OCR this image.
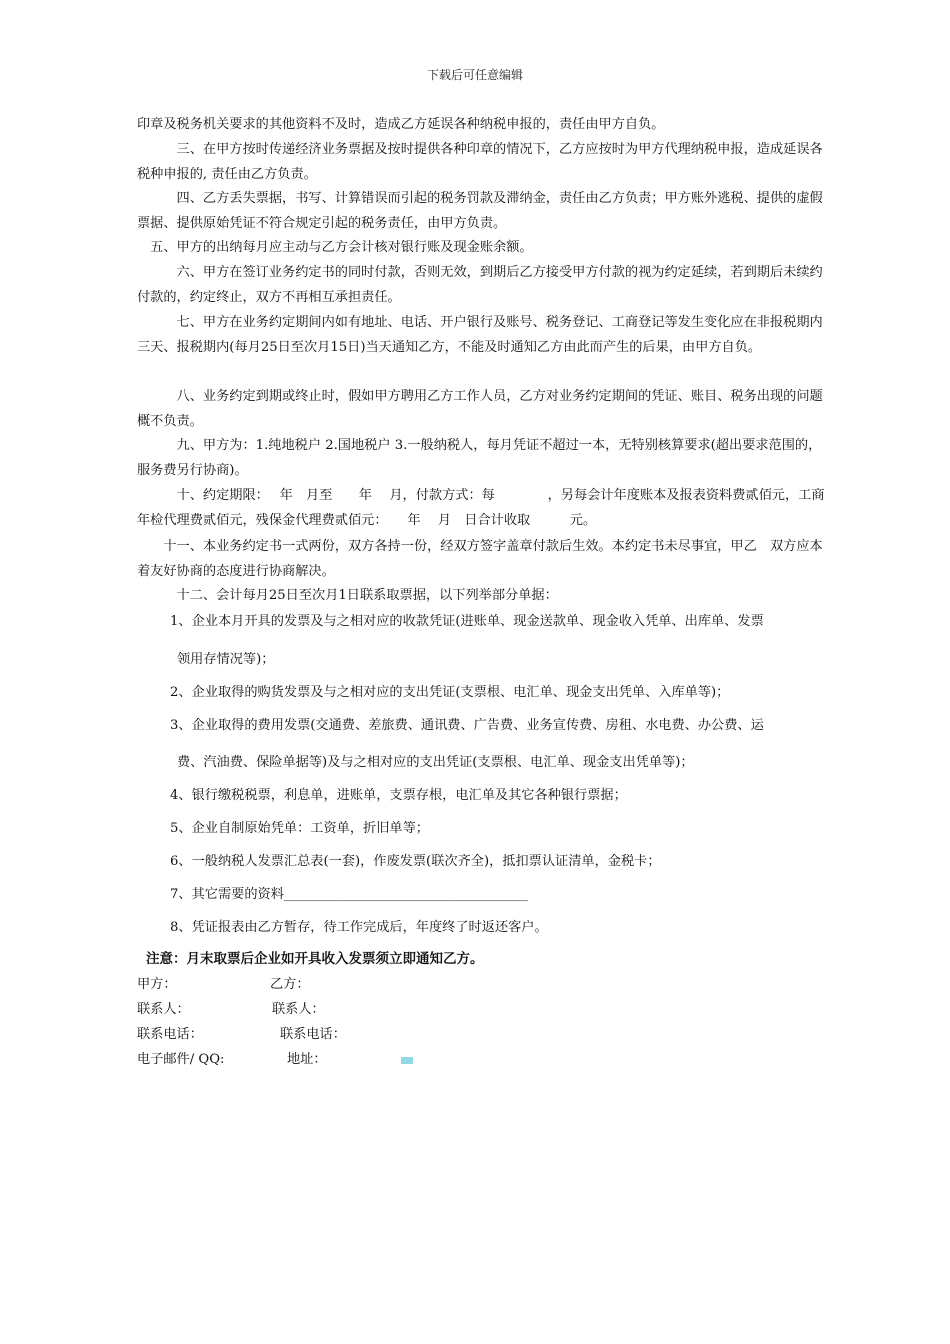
下载后可任意编辑
印章及税务机关要求的其他资料不及时，造成乙方延误各种纳税申报的，责任由甲方自负。
　　　三、在甲方按时传递经济业务票据及按时提供各种印章的情况下，乙方应按时为甲方代理纳税申报，造成延误各税种申报的, 责任由乙方负责。
　　　四、乙方丢失票据，书写、计算错误而引起的税务罚款及滞纳金，责任由乙方负责；甲方账外逃税、提供的虚假票据、提供原始凭证不符合规定引起的税务责任，由甲方负责。
　五、甲方的出纳每月应主动与乙方会计核对银行账及现金账余额。
　　　六、甲方在签订业务约定书的同时付款，否则无效，到期后乙方接受甲方付款的视为约定延续，若到期后未续约付款的，约定终止，双方不再相互承担责任。
　　　七、甲方在业务约定期间内如有地址、电话、开户银行及账号、税务登记、工商登记等发生变化应在非报税期内三天、报税期内(每月25日至次月15日)当天通知乙方，不能及时通知乙方由此而产生的后果，由甲方自负。
　　　八、业务约定到期或终止时，假如甲方聘用乙方工作人员，乙方对业务约定期间的凭证、账目、税务出现的问题概不负责。
　　　九、甲方为：1.纯地税户 2.国地税户 3.一般纳税人，每月凭证不超过一本，无特别核算要求(超出要求范围的，服务费另行协商)。
　　　十、约定期限：　 年　月至　　年　 月，付款方式：每　　　　，另每会计年度账本及报表资料费贰佰元，工商年检代理费贰佰元，残保金代理费贰佰元：　　年　 月　日合计收取　　　元。
　　十一、本业务约定书一式两份，双方各持一份，经双方签字盖章付款后生效。本约定书未尽事宜，甲乙　双方应本着友好协商的态度进行协商解决。
　　　十二、会计每月25日至次月1日联系取票据，以下列举部分单据：
1、企业本月开具的发票及与之相对应的收款凭证(进账单、现金送款单、现金收入凭单、出库单、发票
领用存情况等)；
2、企业取得的购货发票及与之相对应的支出凭证(支票根、电汇单、现金支出凭单、入库单等)；
3、企业取得的费用发票(交通费、差旅费、通讯费、广告费、业务宣传费、房租、水电费、办公费、运
费、汽油费、保险单据等)及与之相对应的支出凭证(支票根、电汇单、现金支出凭单等)；
4、银行缴税税票，利息单，进账单，支票存根，电汇单及其它各种银行票据；
5、企业自制原始凭单：工资单，折旧单等；
6、一般纳税人发票汇总表(一套)，作废发票(联次齐全)，抵扣票认证清单，金税卡；
7、其它需要的资料_____________________________________
8、凭证报表由乙方暂存，待工作完成后，年度终了时返还客户。
注意：月末取票后企业如开具收入发票须立即通知乙方。
甲方：	乙方：
联系人：	联系人：
联系电话：	联系电话：
电子邮件/ QQ:	地址：
